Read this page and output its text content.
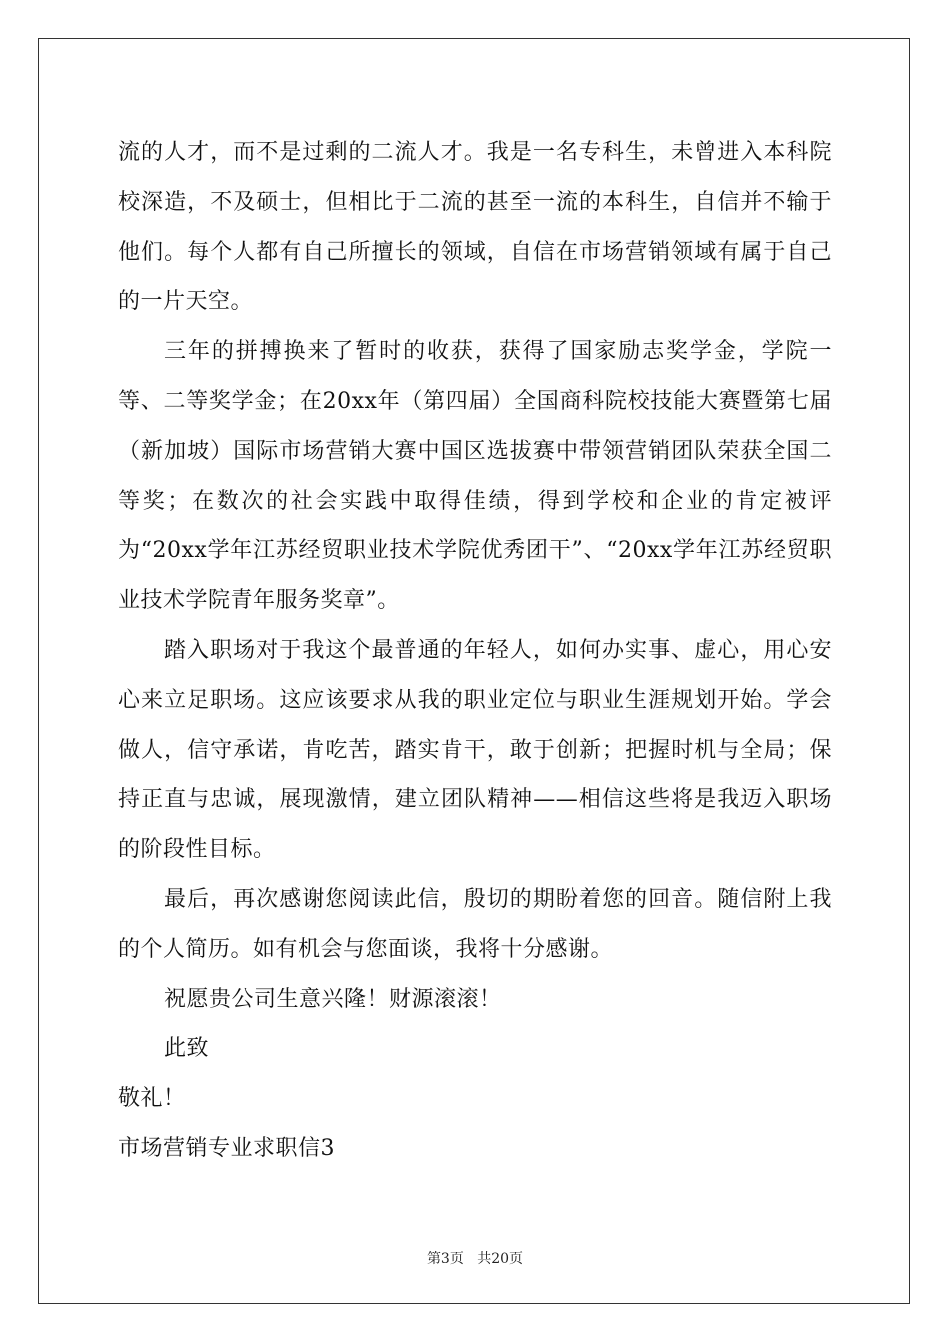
流的人才，而不是过剩的二流人才。我是一名专科生，未曾进入本科院校深造，不及硕士，但相比于二流的甚至一流的本科生，自信并不输于他们。每个人都有自己所擅长的领域，自信在市场营销领域有属于自己的一片天空。

三年的拼搏换来了暂时的收获，获得了国家励志奖学金，学院一等、二等奖学金；在20xx年（第四届）全国商科院校技能大赛暨第七届（新加坡）国际市场营销大赛中国区选拔赛中带领营销团队荣获全国二等奖；在数次的社会实践中取得佳绩，得到学校和企业的肯定被评为“20xx学年江苏经贸职业技术学院优秀团干”、“20xx学年江苏经贸职业技术学院青年服务奖章”。

踏入职场对于我这个最普通的年轻人，如何办实事、虚心，用心安心来立足职场。这应该要求从我的职业定位与职业生涯规划开始。学会做人，信守承诺，肯吃苦，踏实肯干，敢于创新；把握时机与全局；保持正直与忠诚，展现激情，建立团队精神——相信这些将是我迈入职场的阶段性目标。

最后，再次感谢您阅读此信，殷切的期盼着您的回音。随信附上我的个人简历。如有机会与您面谈，我将十分感谢。

祝愿贵公司生意兴隆！财源滚滚！

此致

敬礼！

市场营销专业求职信3

第3页 共20页
